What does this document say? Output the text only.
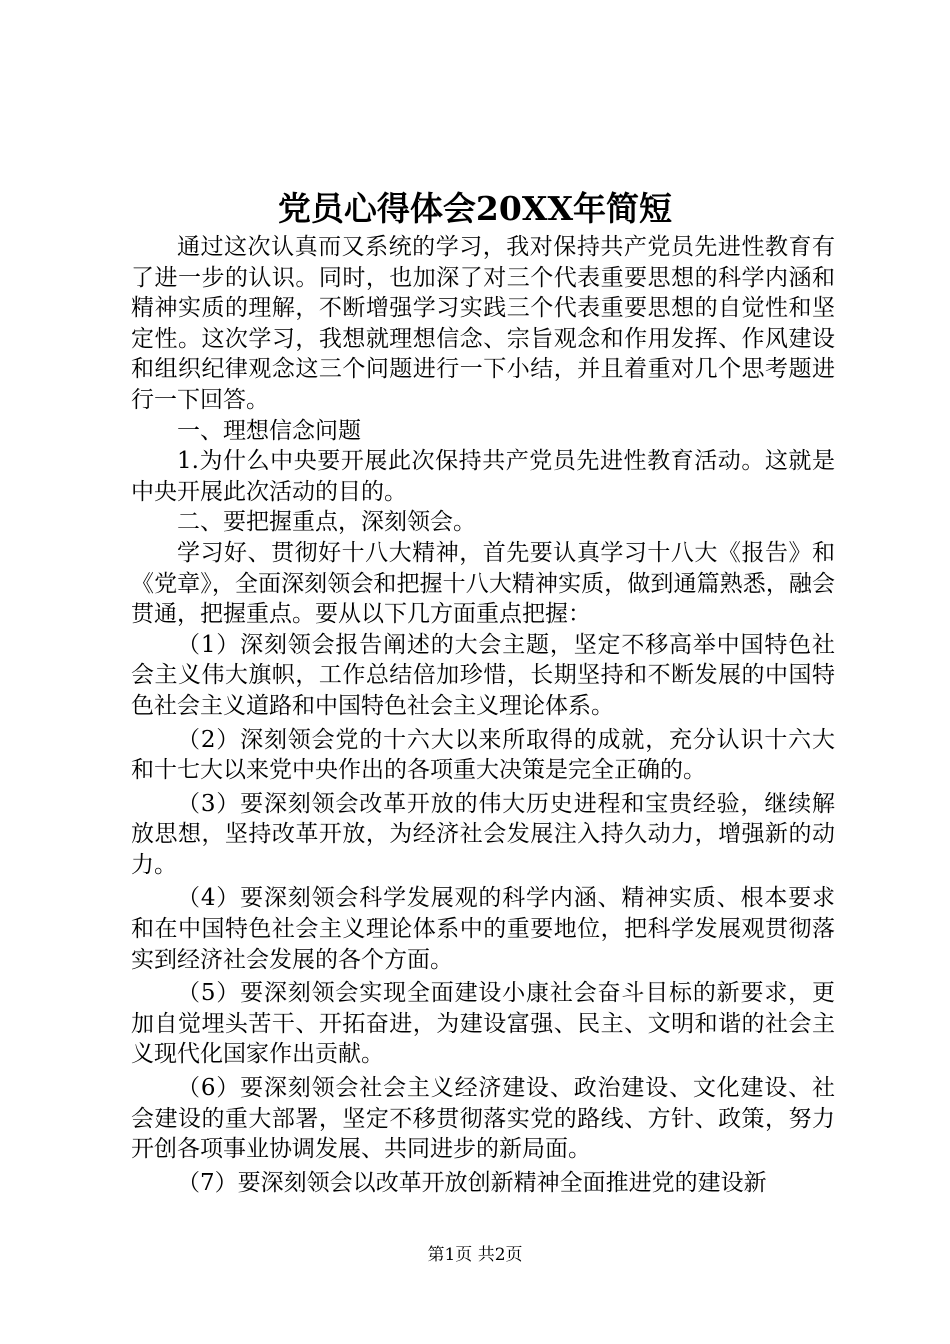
党员心得体会20XX年简短

通过这次认真而又系统的学习，我对保持共产党员先进性教育有了进一步的认识。同时，也加深了对三个代表重要思想的科学内涵和精神实质的理解，不断增强学习实践三个代表重要思想的自觉性和坚定性。这次学习，我想就理想信念、宗旨观念和作用发挥、作风建设和组织纪律观念这三个问题进行一下小结，并且着重对几个思考题进行一下回答。

一、理想信念问题

1.为什么中央要开展此次保持共产党员先进性教育活动。这就是中央开展此次活动的目的。

二、要把握重点，深刻领会。

学习好、贯彻好十八大精神，首先要认真学习十八大《报告》和《党章》，全面深刻领会和把握十八大精神实质，做到通篇熟悉，融会贯通，把握重点。要从以下几方面重点把握：

（1）深刻领会报告阐述的大会主题，坚定不移高举中国特色社会主义伟大旗帜，工作总结倍加珍惜，长期坚持和不断发展的中国特色社会主义道路和中国特色社会主义理论体系。

（2）深刻领会党的十六大以来所取得的成就，充分认识十六大和十七大以来党中央作出的各项重大决策是完全正确的。

（3）要深刻领会改革开放的伟大历史进程和宝贵经验，继续解放思想，坚持改革开放，为经济社会发展注入持久动力，增强新的动力。

（4）要深刻领会科学发展观的科学内涵、精神实质、根本要求和在中国特色社会主义理论体系中的重要地位，把科学发展观贯彻落实到经济社会发展的各个方面。

（5）要深刻领会实现全面建设小康社会奋斗目标的新要求，更加自觉埋头苦干、开拓奋进，为建设富强、民主、文明和谐的社会主义现代化国家作出贡献。

（6）要深刻领会社会主义经济建设、政治建设、文化建设、社会建设的重大部署，坚定不移贯彻落实党的路线、方针、政策，努力开创各项事业协调发展、共同进步的新局面。

（7）要深刻领会以改革开放创新精神全面推进党的建设新

第1页 共2页
